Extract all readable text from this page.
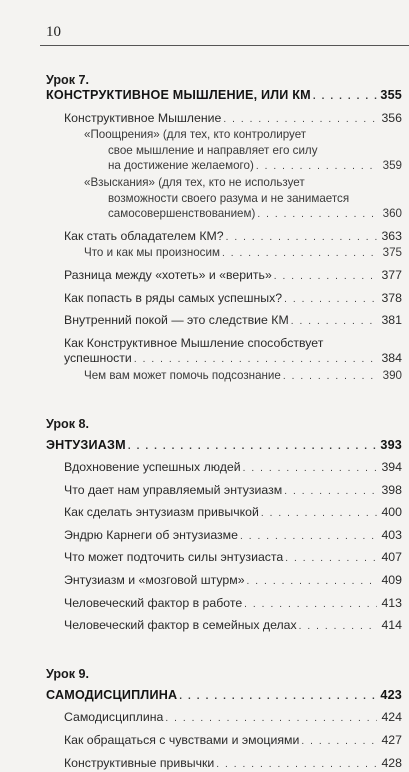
10
Урок 7.
КОНСТРУКТИВНОЕ МЫШЛЕНИЕ, ИЛИ КМ . . .	355
Конструктивное Мышление . . .	356
«Поощрения» (для тех, кто контролирует
свое мышление и направляет его силу
на достижение желаемого) . . .	359
«Взыскания» (для тех, кто не использует
возможности своего разума и не занимается
самосовершенствованием) . . .	360
Как стать обладателем КМ? . . .	363
Что и как мы произносим . . .	375
Разница между «хотеть» и «верить» . . .	377
Как попасть в ряды самых успешных? . . .	378
Внутренний покой — это следствие КМ . . .	381
Как Конструктивное Мышление способствует
успешности . . .	384
Чем вам может помочь подсознание . . .	390
Урок 8.
ЭНТУЗИАЗМ . . .	393
Вдохновение успешных людей . . .	394
Что дает нам управляемый энтузиазм . . .	398
Как сделать энтузиазм привычкой . . .	400
Эндрю Карнеги об энтузиазме . . .	403
Что может подточить силы энтузиаста . . .	407
Энтузиазм и «мозговой штурм» . . .	409
Человеческий фактор в работе . . .	413
Человеческий фактор в семейных делах . . .	414
Урок 9.
САМОДИСЦИПЛИНА . . .	423
Самодисциплина . . .	424
Как обращаться с чувствами и эмоциями . . .	427
Конструктивные привычки . . .	428
